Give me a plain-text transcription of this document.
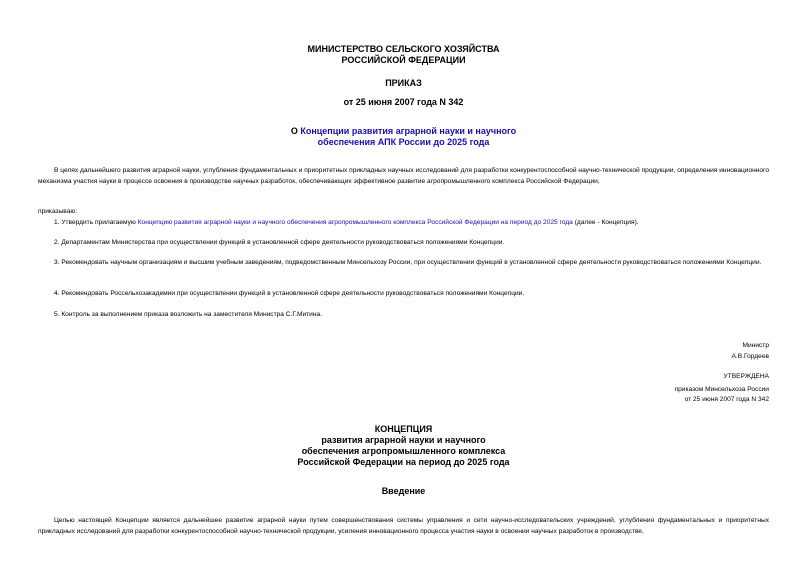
МИНИСТЕРСТВО СЕЛЬСКОГО ХОЗЯЙСТВА
РОССИЙСКОЙ ФЕДЕРАЦИИ
ПРИКАЗ
от 25 июня 2007 года N 342
О Концепции развития аграрной науки и научного
обеспечения АПК России до 2025 года
В целях дальнейшего развития аграрной науки, углубления фундаментальных и приоритетных прикладных научных исследований для разработки конкурентоспособной научно-технической продукции, определения инновационного механизма участия науки в процессе освоения в производстве научных разработок, обеспечивающих эффективное развитие агропромышленного комплекса Российской Федерации,
приказываю:
1. Утвердить прилагаемую Концепцию развития аграрной науки и научного обеспечения агропромышленного комплекса Российской Федерации на период до 2025 года (далее - Концепция).
2. Департаментам Министерства при осуществлении функций в установленной сфере деятельности руководствоваться положениями Концепции.
3. Рекомендовать научным организациям и высшим учебным заведениям, подведомственным Минсельхозу России, при осуществлении функций в установленной сфере деятельности руководствоваться положениями Концепции.
4. Рекомендовать Россельхозакадемии при осуществлении функций в установленной сфере деятельности руководствоваться положениями Концепции.
5. Контроль за выполнением приказа возложить на заместителя Министра С.Г.Митина.
Министр
А.В.Гордеев
УТВЕРЖДЕНА
приказом Минсельхоза России
от 25 июня 2007 года N 342
КОНЦЕПЦИЯ
развития аграрной науки и научного
обеспечения агропромышленного комплекса
Российской Федерации на период до 2025 года
Введение
Целью настоящей Концепции является дальнейшее развитие аграрной науки путем совершенствования системы управления и сети научно-исследовательских учреждений, углубления фундаментальных и приоритетных прикладных исследований для разработки конкурентоспособной научно-технической продукции, усиления инновационного процесса участия науки в освоении научных разработок в производстве,
